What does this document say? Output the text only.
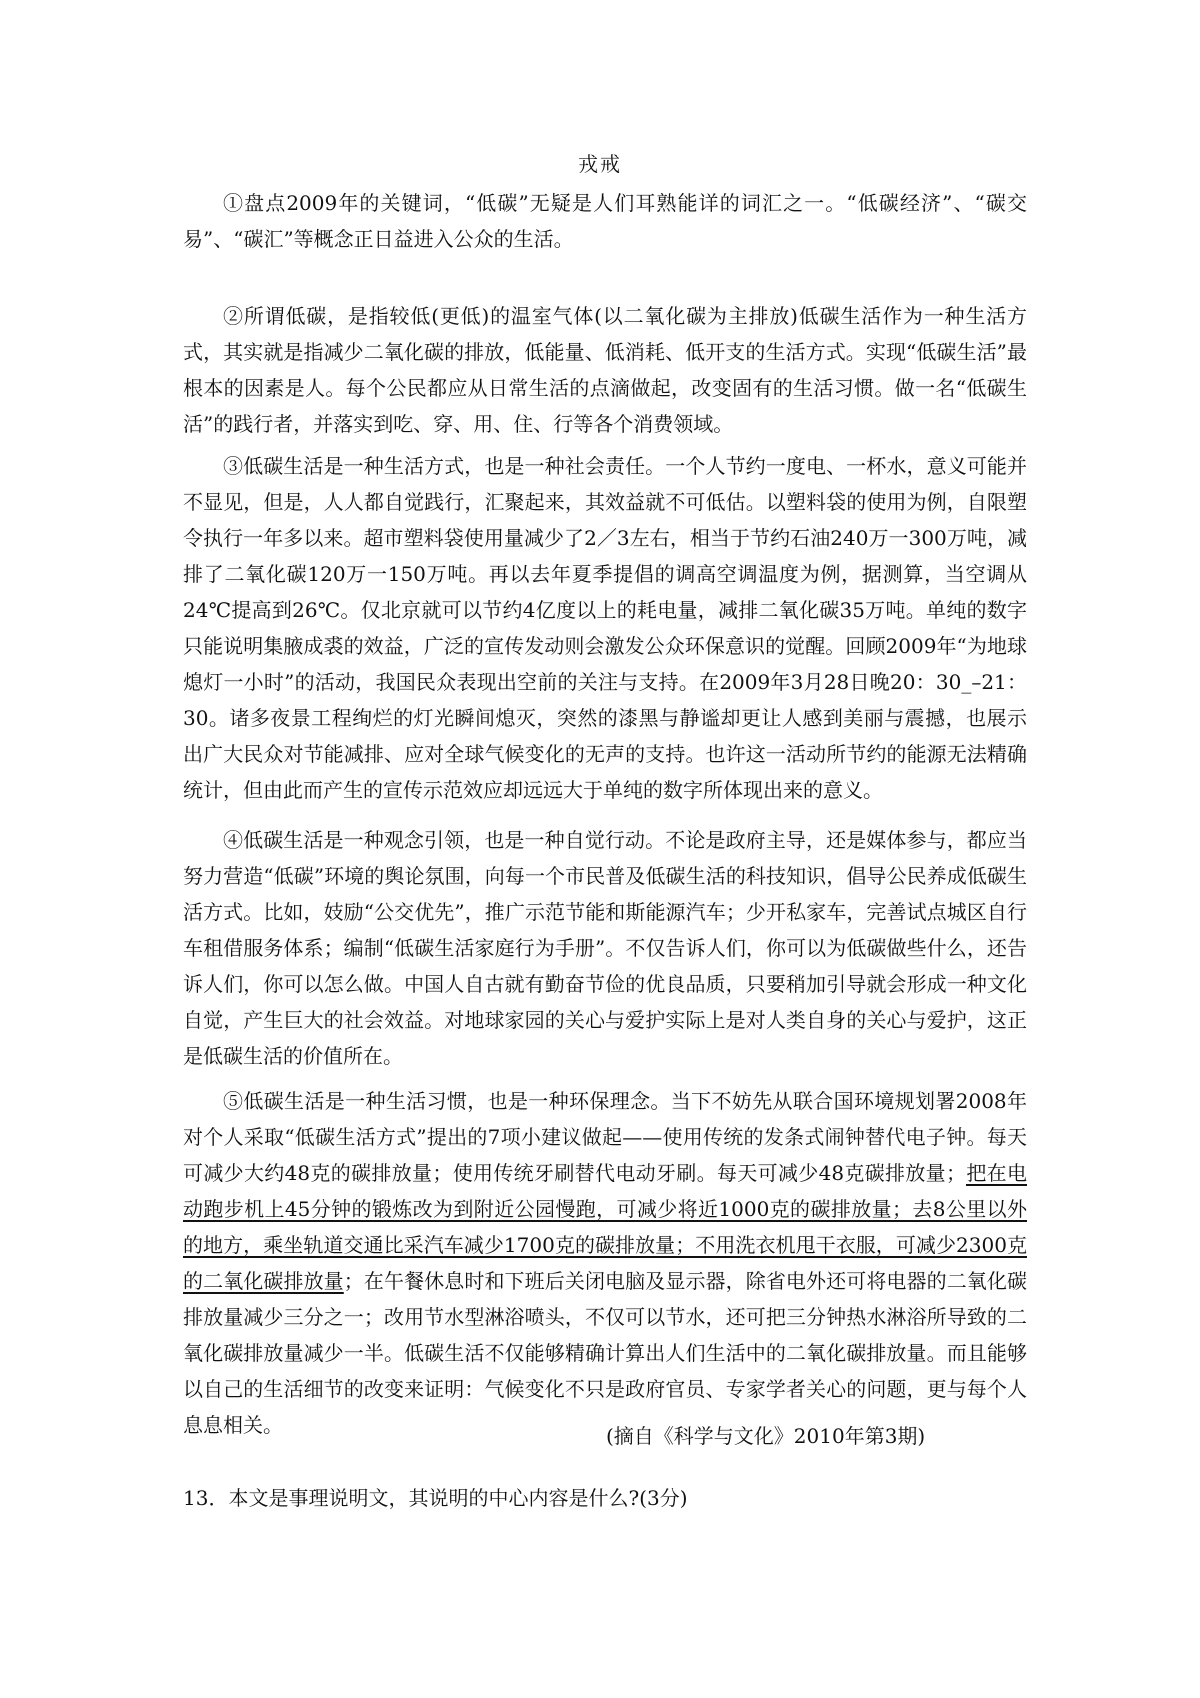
戎戒

①盘点2009年的关键词，“低碳”无疑是人们耳熟能详的词汇之一。“低碳经济”、“碳交易”、“碳汇”等概念正日益进入公众的生活。

②所谓低碳，是指较低(更低)的温室气体(以二氧化碳为主排放)低碳生活作为一种生活方式，其实就是指减少二氧化碳的排放，低能量、低消耗、低开支的生活方式。实现“低碳生活”最根本的因素是人。每个公民都应从日常生活的点滴做起，改变固有的生活习惯。做一名“低碳生活”的践行者，并落实到吃、穿、用、住、行等各个消费领域。

③低碳生活是一种生活方式，也是一种社会责任。一个人节约一度电、一杯水，意义可能并不显见，但是，人人都自觉践行，汇聚起来，其效益就不可低估。以塑料袋的使用为例，自限塑令执行一年多以来。超市塑料袋使用量减少了2／3左右，相当于节约石油240万一300万吨，减排了二氧化碳120万一150万吨。再以去年夏季提倡的调高空调温度为例，据测算，当空调从24℃提高到26℃。仅北京就可以节约4亿度以上的耗电量，减排二氧化碳35万吨。单纯的数字只能说明集腋成裘的效益，广泛的宣传发动则会激发公众环保意识的觉醒。回顾2009年“为地球熄灯一小时”的活动，我国民众表现出空前的关注与支持。在2009年3月28日晚20：30_–21：30。诸多夜景工程绚烂的灯光瞬间熄灭，突然的漆黑与静谧却更让人感到美丽与震撼，也展示出广大民众对节能减排、应对全球气候变化的无声的支持。也许这一活动所节约的能源无法精确统计，但由此而产生的宣传示范效应却远远大于单纯的数字所体现出来的意义。

④低碳生活是一种观念引领，也是一种自觉行动。不论是政府主导，还是媒体参与，都应当努力营造“低碳”环境的舆论氛围，向每一个市民普及低碳生活的科技知识，倡导公民养成低碳生活方式。比如，妓励“公交优先”，推广示范节能和斯能源汽车；少开私家车，完善试点城区自行车租借服务体系；编制“低碳生活家庭行为手册”。不仅告诉人们，你可以为低碳做些什么，还告诉人们，你可以怎么做。中国人自古就有勤奋节俭的优良品质，只要稍加引导就会形成一种文化自觉，产生巨大的社会效益。对地球家园的关心与爱护实际上是对人类自身的关心与爱护，这正是低碳生活的价值所在。

⑤低碳生活是一种生活习惯，也是一种环保理念。当下不妨先从联合国环境规划署2008年对个人采取“低碳生活方式”提出的7项小建议做起——使用传统的发条式闹钟替代电子钟。每天可减少大约48克的碳排放量；使用传统牙刷替代电动牙刷。每天可减少48克碳排放量；把在电动跑步机上45分钟的锻炼改为到附近公园慢跑，可减少将近1000克的碳排放量；去8公里以外的地方，乘坐轨道交通比采汽车减少1700克的碳排放量；不用洗衣机甩干衣服，可减少2300克的二氧化碳排放量；在午餐休息时和下班后关闭电脑及显示器，除省电外还可将电器的二氧化碳排放量减少三分之一；改用节水型淋浴喷头，不仅可以节水，还可把三分钟热水淋浴所导致的二氧化碳排放量减少一半。低碳生活不仅能够精确计算出人们生活中的二氧化碳排放量。而且能够以自己的生活细节的改变来证明：气候变化不只是政府官员、专家学者关心的问题，更与每个人息息相关。	(摘自《科学与文化》2010年第3期)
13．本文是事理说明文，其说明的中心内容是什么?(3分)
